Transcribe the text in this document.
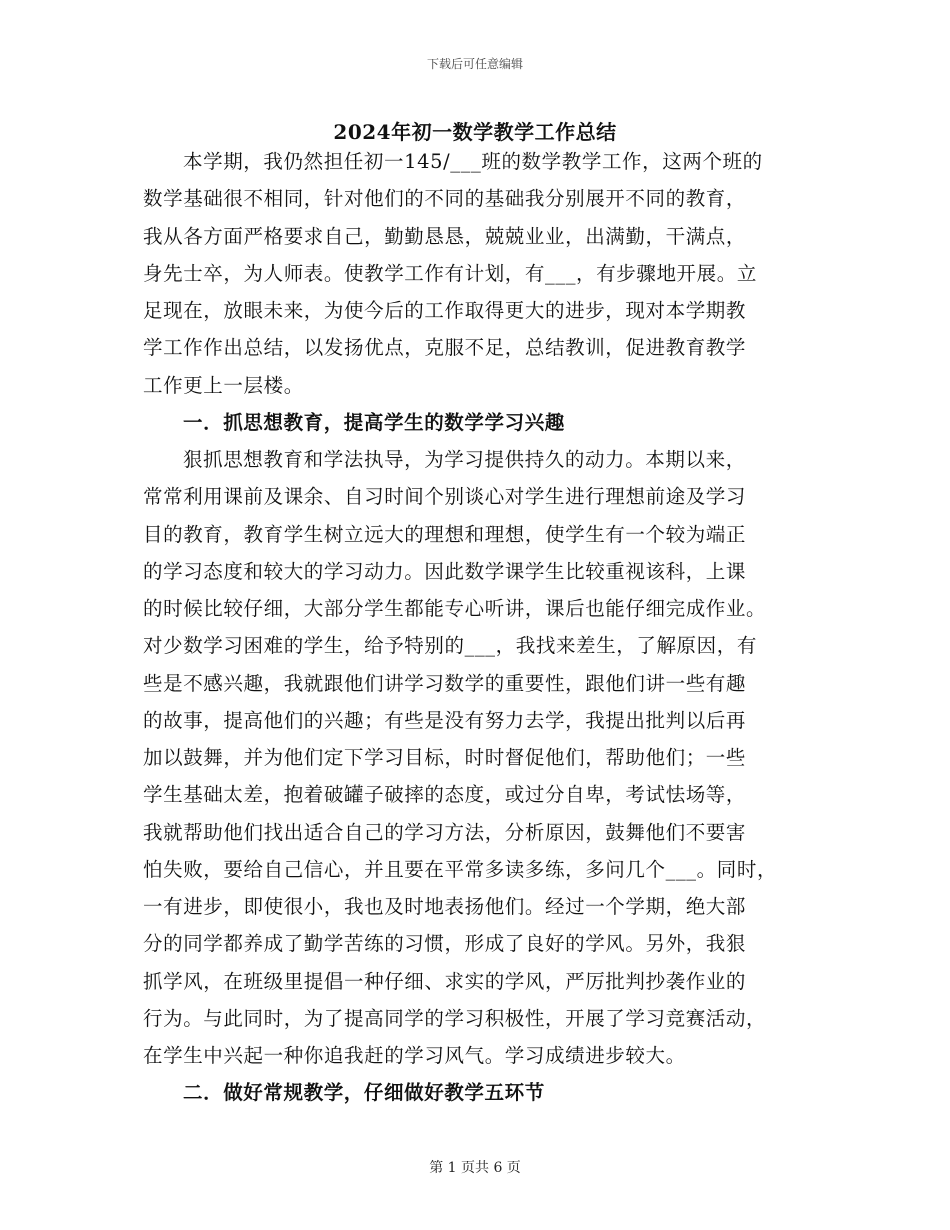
下载后可任意编辑
2024年初一数学教学工作总结
本学期，我仍然担任初一145/___班的数学教学工作，这两个班的
数学基础很不相同，针对他们的不同的基础我分别展开不同的教育，
我从各方面严格要求自己，勤勤恳恳，兢兢业业，出满勤，干满点，
身先士卒，为人师表。使教学工作有计划，有___，有步骤地开展。立
足现在，放眼未来，为使今后的工作取得更大的进步，现对本学期教
学工作作出总结，以发扬优点，克服不足，总结教训，促进教育教学
工作更上一层楼。
一．抓思想教育，提高学生的数学学习兴趣
狠抓思想教育和学法执导，为学习提供持久的动力。本期以来，
常常利用课前及课余、自习时间个别谈心对学生进行理想前途及学习
目的教育，教育学生树立远大的理想和理想，使学生有一个较为端正
的学习态度和较大的学习动力。因此数学课学生比较重视该科，上课
的时候比较仔细，大部分学生都能专心听讲，课后也能仔细完成作业。
对少数学习困难的学生，给予特别的___，我找来差生，了解原因，有
些是不感兴趣，我就跟他们讲学习数学的重要性，跟他们讲一些有趣
的故事，提高他们的兴趣；有些是没有努力去学，我提出批判以后再
加以鼓舞，并为他们定下学习目标，时时督促他们，帮助他们；一些
学生基础太差，抱着破罐子破摔的态度，或过分自卑，考试怯场等，
我就帮助他们找出适合自己的学习方法，分析原因，鼓舞他们不要害
怕失败，要给自己信心，并且要在平常多读多练，多问几个___。同时，
一有进步，即使很小，我也及时地表扬他们。经过一个学期，绝大部
分的同学都养成了勤学苦练的习惯，形成了良好的学风。另外，我狠
抓学风，在班级里提倡一种仔细、求实的学风，严厉批判抄袭作业的
行为。与此同时，为了提高同学的学习积极性，开展了学习竞赛活动，
在学生中兴起一种你追我赶的学习风气。学习成绩进步较大。
二．做好常规教学，仔细做好教学五环节
第 1 页共 6 页
